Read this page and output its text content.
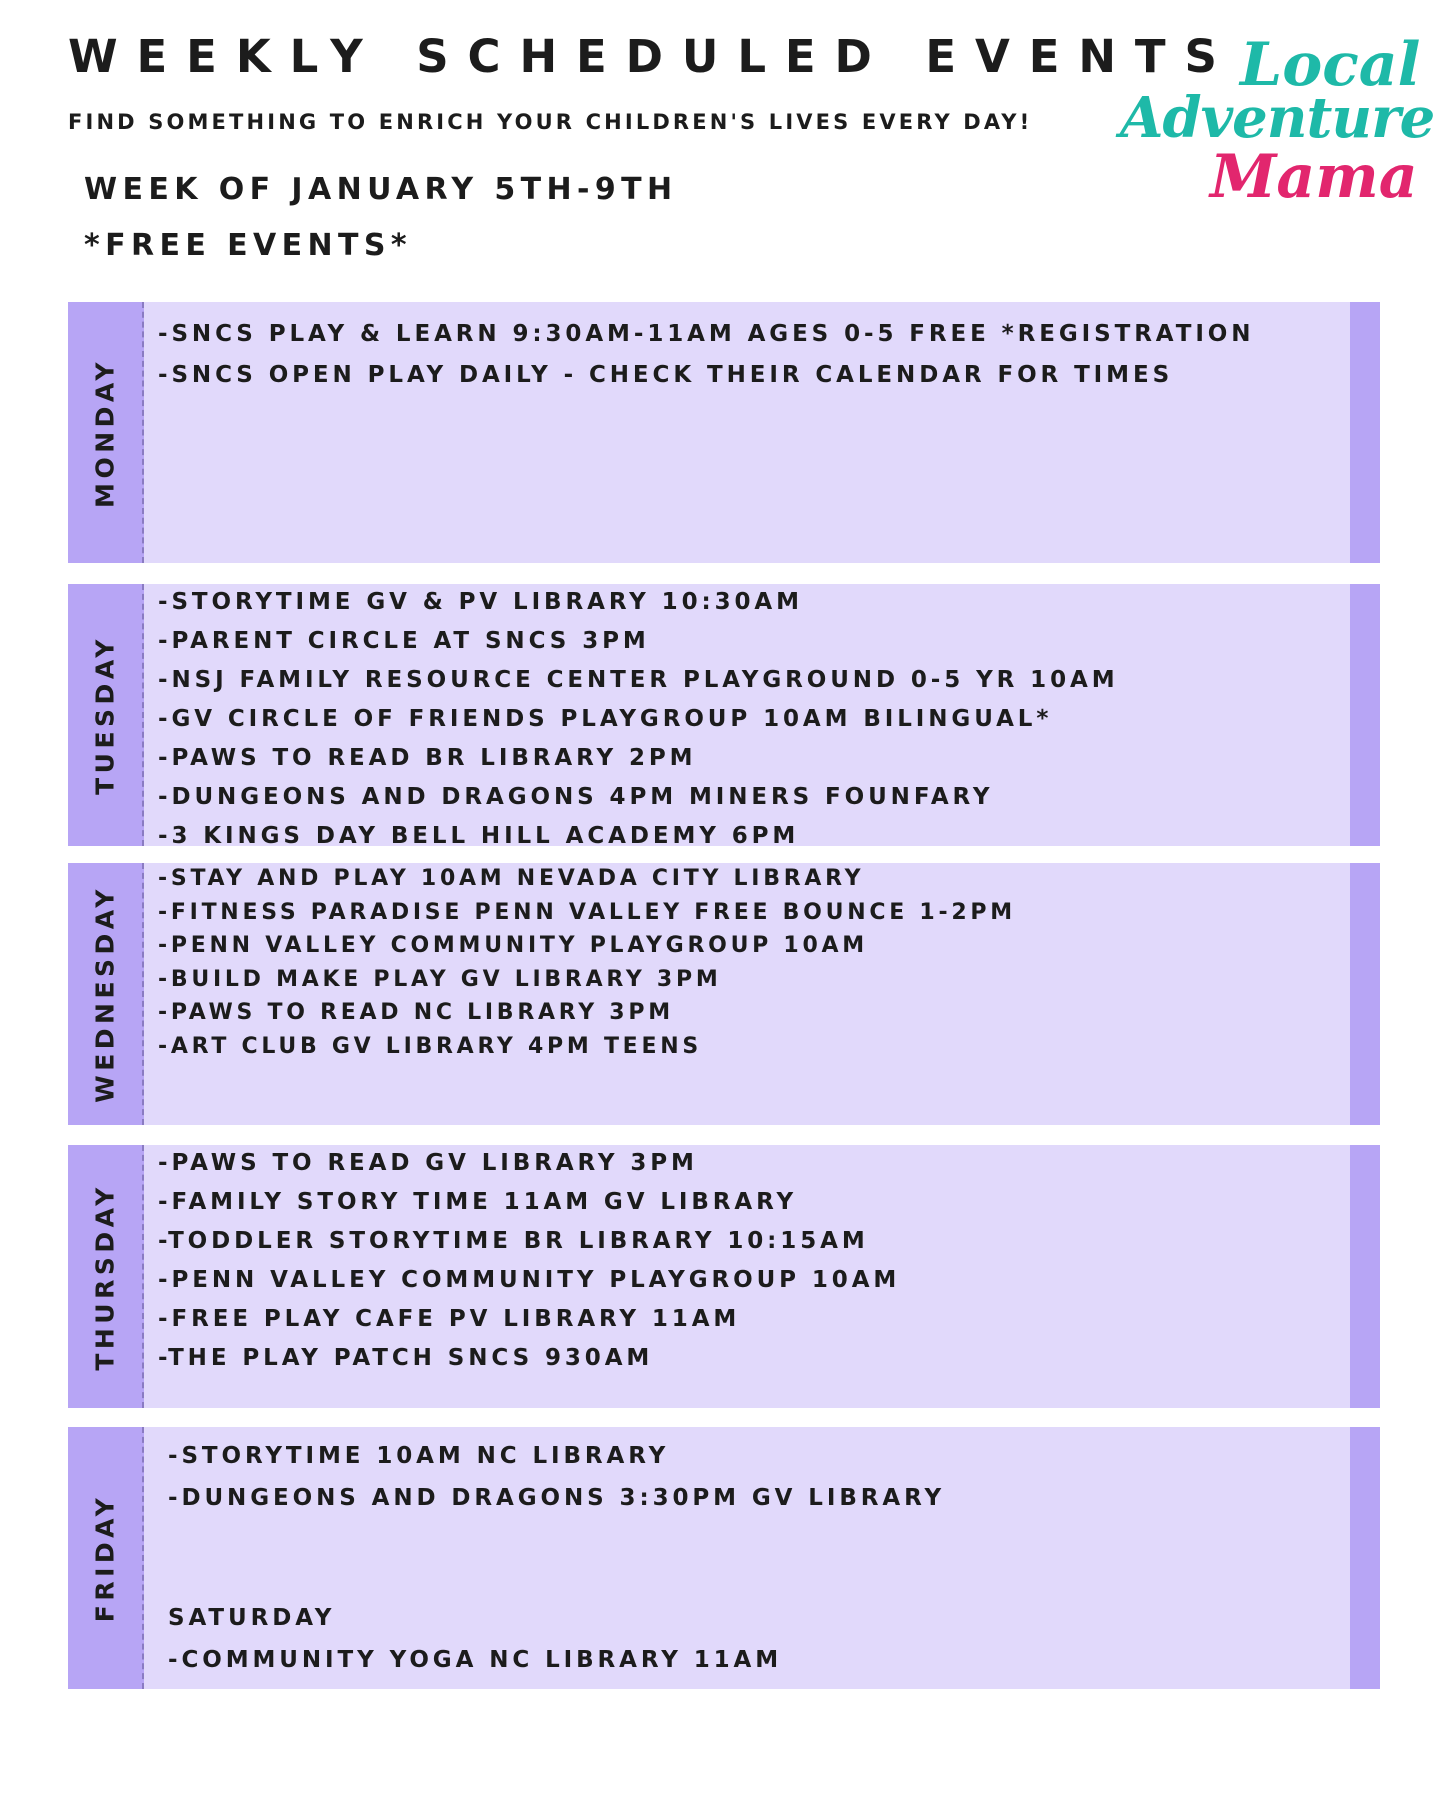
WEEKLY SCHEDULED EVENTS
FIND SOMETHING TO ENRICH YOUR CHILDREN'S LIVES EVERY DAY!
WEEK OF JANUARY 5TH-9TH
*FREE EVENTS*
Local
Adventure
Mama
MONDAY
-SNCS PLAY & LEARN 9:30AM-11AM AGES 0-5 FREE *REGISTRATION
-SNCS OPEN PLAY DAILY - CHECK THEIR CALENDAR FOR TIMES
TUESDAY
-STORYTIME GV & PV LIBRARY 10:30AM
-PARENT CIRCLE AT SNCS 3PM
-NSJ FAMILY RESOURCE CENTER PLAYGROUND 0-5 YR 10AM
-GV CIRCLE OF FRIENDS PLAYGROUP 10AM BILINGUAL*
-PAWS TO READ BR LIBRARY 2PM
-DUNGEONS AND DRAGONS 4PM MINERS FOUNFARY
-3 KINGS DAY BELL HILL ACADEMY 6PM
WEDNESDAY
-STAY AND PLAY 10AM NEVADA CITY LIBRARY
-FITNESS PARADISE PENN VALLEY FREE BOUNCE 1-2PM
-PENN VALLEY COMMUNITY PLAYGROUP 10AM
-BUILD MAKE PLAY GV LIBRARY 3PM
-PAWS TO READ NC LIBRARY 3PM
-ART CLUB GV LIBRARY 4PM TEENS
THURSDAY
-PAWS TO READ GV LIBRARY 3PM
-FAMILY STORY TIME 11AM GV LIBRARY
-TODDLER STORYTIME BR LIBRARY 10:15AM
-PENN VALLEY COMMUNITY PLAYGROUP 10AM
-FREE PLAY CAFE PV LIBRARY 11AM
-THE PLAY PATCH SNCS 930AM
FRIDAY
-STORYTIME 10AM NC LIBRARY
-DUNGEONS AND DRAGONS 3:30PM GV LIBRARY
SATURDAY
-COMMUNITY YOGA NC LIBRARY 11AM
